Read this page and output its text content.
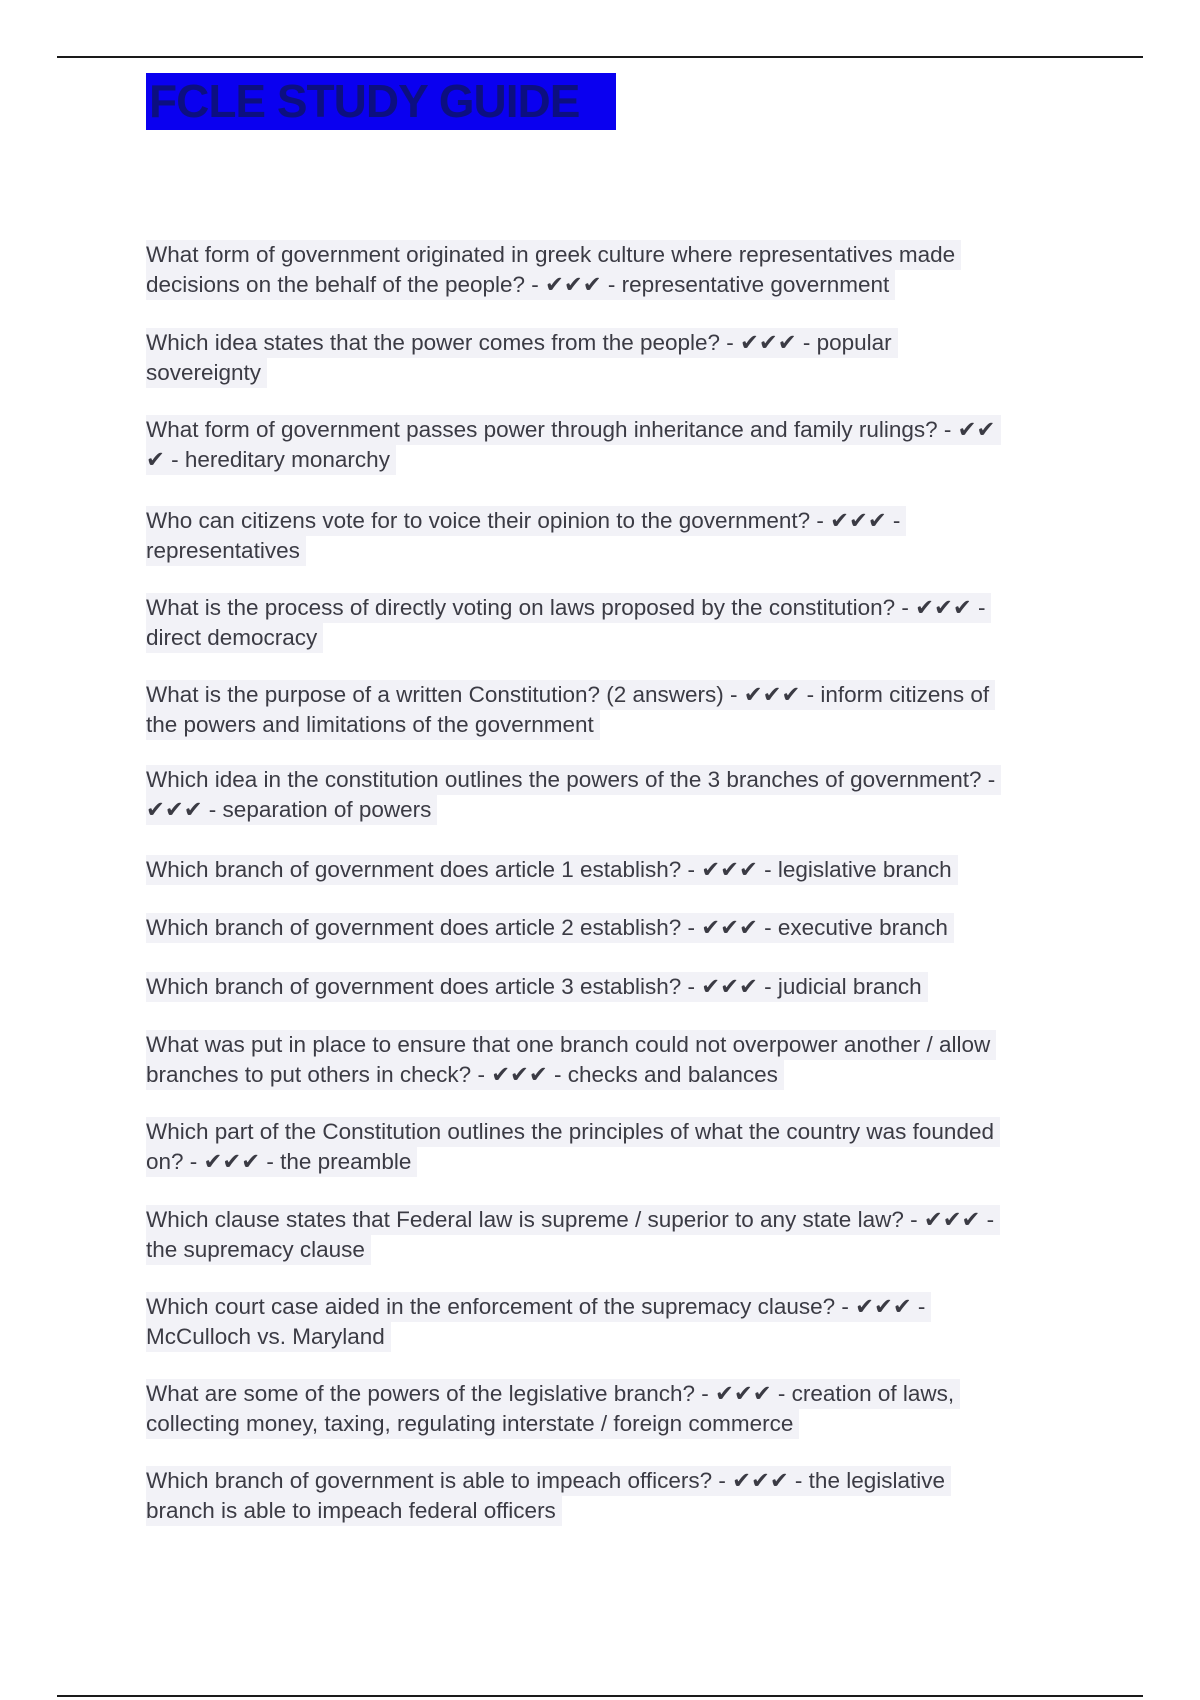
FCLE STUDY GUIDE
What form of government originated in greek culture where representatives made
decisions on the behalf of the people? - ✔✔✔ - representative government
Which idea states that the power comes from the people? - ✔✔✔ - popular
sovereignty
What form of government passes power through inheritance and family rulings? - ✔✔
✔ - hereditary monarchy
Who can citizens vote for to voice their opinion to the government? - ✔✔✔ -
representatives
What is the process of directly voting on laws proposed by the constitution? - ✔✔✔ -
direct democracy
What is the purpose of a written Constitution? (2 answers) - ✔✔✔ - inform citizens of
the powers and limitations of the government
Which idea in the constitution outlines the powers of the 3 branches of government? -
✔✔✔ - separation of powers
Which branch of government does article 1 establish? - ✔✔✔ - legislative branch
Which branch of government does article 2 establish? - ✔✔✔ - executive branch
Which branch of government does article 3 establish? - ✔✔✔ - judicial branch
What was put in place to ensure that one branch could not overpower another / allow
branches to put others in check? - ✔✔✔ - checks and balances
Which part of the Constitution outlines the principles of what the country was founded
on? - ✔✔✔ - the preamble
Which clause states that Federal law is supreme / superior to any state law? - ✔✔✔ -
the supremacy clause
Which court case aided in the enforcement of the supremacy clause? - ✔✔✔ -
McCulloch vs. Maryland
What are some of the powers of the legislative branch? - ✔✔✔ - creation of laws,
collecting money, taxing, regulating interstate / foreign commerce
Which branch of government is able to impeach officers? - ✔✔✔ - the legislative
branch is able to impeach federal officers
